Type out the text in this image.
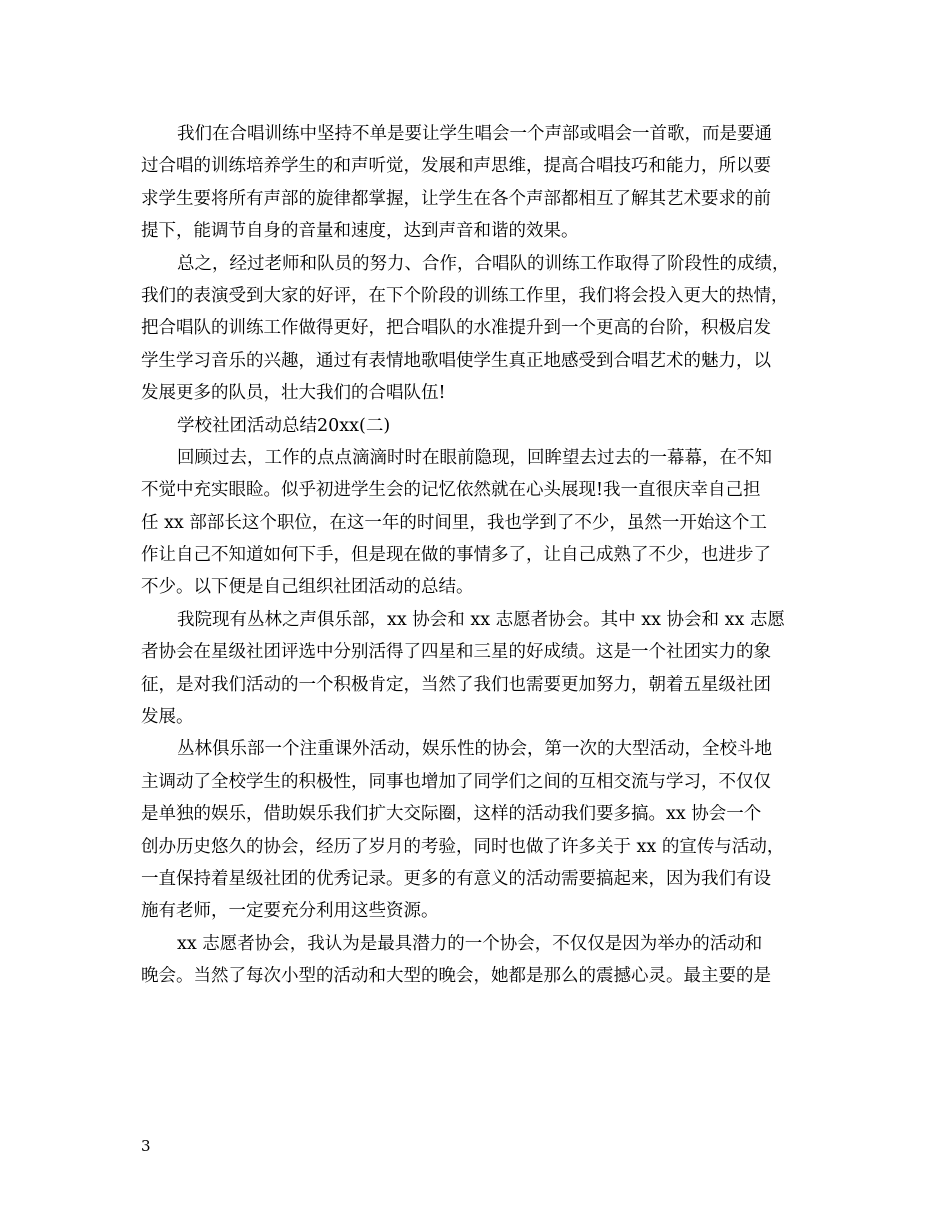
我们在合唱训练中坚持不单是要让学生唱会一个声部或唱会一首歌，而是要通
过合唱的训练培养学生的和声听觉，发展和声思维，提高合唱技巧和能力，所以要
求学生要将所有声部的旋律都掌握，让学生在各个声部都相互了解其艺术要求的前
提下，能调节自身的音量和速度，达到声音和谐的效果。
总之，经过老师和队员的努力、合作，合唱队的训练工作取得了阶段性的成绩，
我们的表演受到大家的好评，在下个阶段的训练工作里，我们将会投入更大的热情，
把合唱队的训练工作做得更好，把合唱队的水准提升到一个更高的台阶，积极启发
学生学习音乐的兴趣，通过有表情地歌唱使学生真正地感受到合唱艺术的魅力，以
发展更多的队员，壮大我们的合唱队伍!
学校社团活动总结20xx(二)
回顾过去，工作的点点滴滴时时在眼前隐现，回眸望去过去的一幕幕，在不知
不觉中充实眼睑。似乎初进学生会的记忆依然就在心头展现!我一直很庆幸自己担
任 xx 部部长这个职位，在这一年的时间里，我也学到了不少，虽然一开始这个工
作让自己不知道如何下手，但是现在做的事情多了，让自己成熟了不少，也进步了
不少。以下便是自己组织社团活动的总结。
我院现有丛林之声俱乐部，xx 协会和 xx 志愿者协会。其中 xx 协会和 xx 志愿
者协会在星级社团评选中分别活得了四星和三星的好成绩。这是一个社团实力的象
征，是对我们活动的一个积极肯定，当然了我们也需要更加努力，朝着五星级社团
发展。
丛林俱乐部一个注重课外活动，娱乐性的协会，第一次的大型活动，全校斗地
主调动了全校学生的积极性，同事也增加了同学们之间的互相交流与学习，不仅仅
是单独的娱乐，借助娱乐我们扩大交际圈，这样的活动我们要多搞。xx 协会一个
创办历史悠久的协会，经历了岁月的考验，同时也做了许多关于 xx 的宣传与活动，
一直保持着星级社团的优秀记录。更多的有意义的活动需要搞起来，因为我们有设
施有老师，一定要充分利用这些资源。
xx 志愿者协会，我认为是最具潜力的一个协会，不仅仅是因为举办的活动和
晚会。当然了每次小型的活动和大型的晚会，她都是那么的震撼心灵。最主要的是
3
